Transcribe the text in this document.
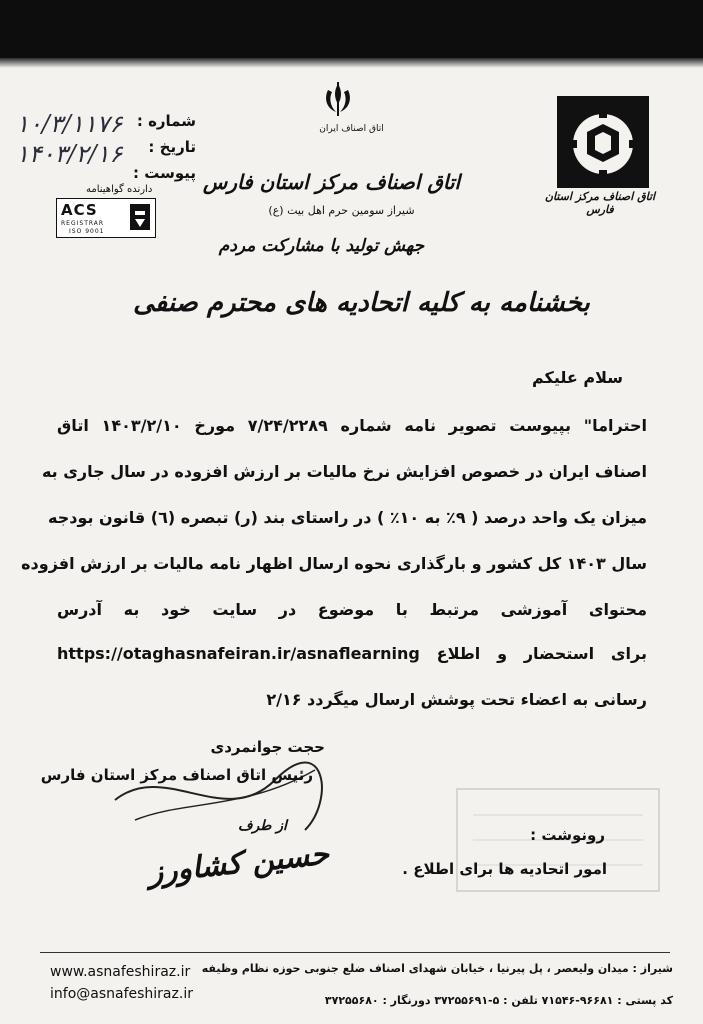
۱۰/۳/۱۱۷۶ شماره :
۱۴۰۳/۲/۱۶ تاریخ :
پیوست :
دارنده گواهینامه
ACS
REGISTRAR
ISO 9001
اتاق اصناف ایران
اتاق اصناف مرکز استان فارس
شیراز سومین حرم اهل بیت (ع)
جهش تولید با مشارکت مردم
بخشنامه به کلیه اتحادیه های محترم صنفی
اتاق اصناف مرکز استان فارس
سلام علیکم
احتراما" بپیوست تصویر نامه شماره ۷/۲۴/۲۲۸۹ مورخ ۱۴۰۳/۲/۱۰ اتاق
اصناف ایران در خصوص افزایش نرخ مالیات بر ارزش افزوده در سال جاری به
میزان یک واحد درصد ( ۹٪ به ۱۰٪ ) در راستای بند (ر) تبصره (٦) قانون بودجه
سال ۱۴۰۳ کل کشور و بارگذاری نحوه ارسال اظهار نامه مالیات بر ارزش افزوده
محتوای آموزشی مرتبط با موضوع در سایت خود به آدرس
برای استحضار و اطلاع https://otaghasnafeiran.ir/asnaflearning
رسانی به اعضاء تحت پوشش ارسال میگردد ۲/۱۶
حجت جوانمردی
رئیس اتاق اصناف مرکز استان فارس
از طرف
حسین کشاورز
رونوشت :
امور اتحادیه ها برای اطلاع .
www.asnafeshiraz.ir
info@asnafeshiraz.ir
شیراز : میدان ولیعصر ، پل پیرنیا ، خیابان شهدای اصناف ضلع جنوبی حوزه نظام وظیفه
کد پستی : ۹۶۶۸۱-۷۱۵۴۶ تلفن : ۵-۳۷۲۵۵۶۹۱ دورنگار : ۳۷۲۵۵۶۸۰
